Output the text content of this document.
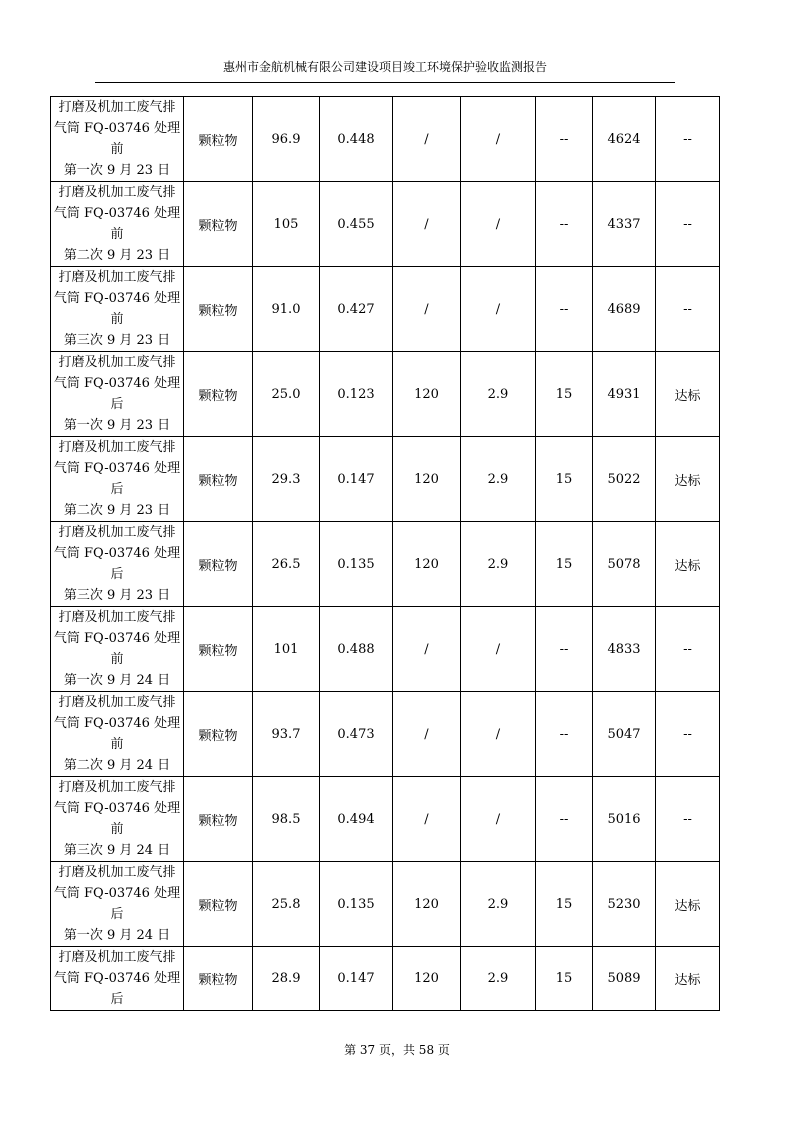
惠州市金航机械有限公司建设项目竣工环境保护验收监测报告
打磨及机加工废气排
气筒 FQ-03746 处理
前
第一次 9 月 23 日	颗粒物	96.9	0.448	/	/	--	4624	--

打磨及机加工废气排
气筒 FQ-03746 处理
前
第二次 9 月 23 日	颗粒物	105	0.455	/	/	--	4337	--

打磨及机加工废气排
气筒 FQ-03746 处理
前
第三次 9 月 23 日	颗粒物	91.0	0.427	/	/	--	4689	--

打磨及机加工废气排
气筒 FQ-03746 处理
后
第一次 9 月 23 日	颗粒物	25.0	0.123	120	2.9	15	4931	达标

打磨及机加工废气排
气筒 FQ-03746 处理
后
第二次 9 月 23 日	颗粒物	29.3	0.147	120	2.9	15	5022	达标

打磨及机加工废气排
气筒 FQ-03746 处理
后
第三次 9 月 23 日	颗粒物	26.5	0.135	120	2.9	15	5078	达标

打磨及机加工废气排
气筒 FQ-03746 处理
前
第一次 9 月 24 日	颗粒物	101	0.488	/	/	--	4833	--

打磨及机加工废气排
气筒 FQ-03746 处理
前
第二次 9 月 24 日	颗粒物	93.7	0.473	/	/	--	5047	--

打磨及机加工废气排
气筒 FQ-03746 处理
前
第三次 9 月 24 日	颗粒物	98.5	0.494	/	/	--	5016	--

打磨及机加工废气排
气筒 FQ-03746 处理
后
第一次 9 月 24 日	颗粒物	25.8	0.135	120	2.9	15	5230	达标

打磨及机加工废气排
气筒 FQ-03746 处理
后	颗粒物	28.9	0.147	120	2.9	15	5089	达标
第 37 页，共 58 页
